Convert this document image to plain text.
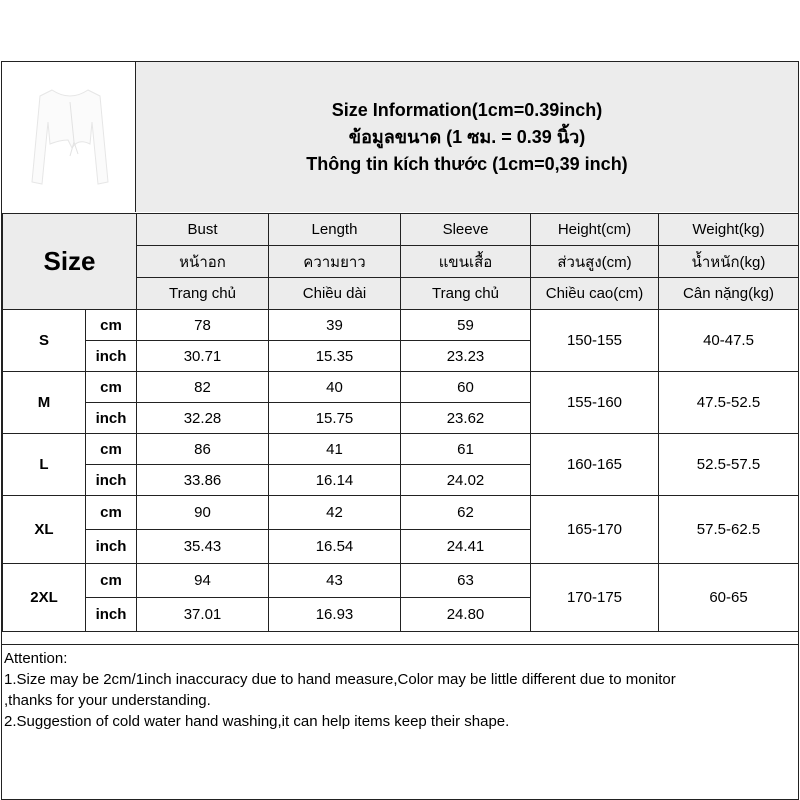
Size Information(1cm=0.39inch)
ข้อมูลขนาด (1 ซม. = 0.39 นิ้ว)
Thông tin kích thước (1cm=0,39 inch)
Size		Bust	Length	Sleeve	Height(cm)	Weight(kg)
		หน้าอก	ความยาว	แขนเสื้อ	ส่วนสูง(cm)	น้ำหนัก(kg)
		Trang chủ	Chiều dài	Trang chủ	Chiều cao(cm)	Cân nặng(kg)
S	cm	78	39	59	150-155	40-47.5
	inch	30.71	15.35	23.23		
M	cm	82	40	60	155-160	47.5-52.5
	inch	32.28	15.75	23.62		
L	cm	86	41	61	160-165	52.5-57.5
	inch	33.86	16.14	24.02		
XL	cm	90	42	62	165-170	57.5-62.5
	inch	35.43	16.54	24.41		
2XL	cm	94	43	63	170-175	60-65
	inch	37.01	16.93	24.80		
Attention:
1.Size may be 2cm/1inch inaccuracy due to hand measure,Color may be little different due to monitor
,thanks for your understanding.
2.Suggestion of cold water hand washing,it can help items keep their shape.
